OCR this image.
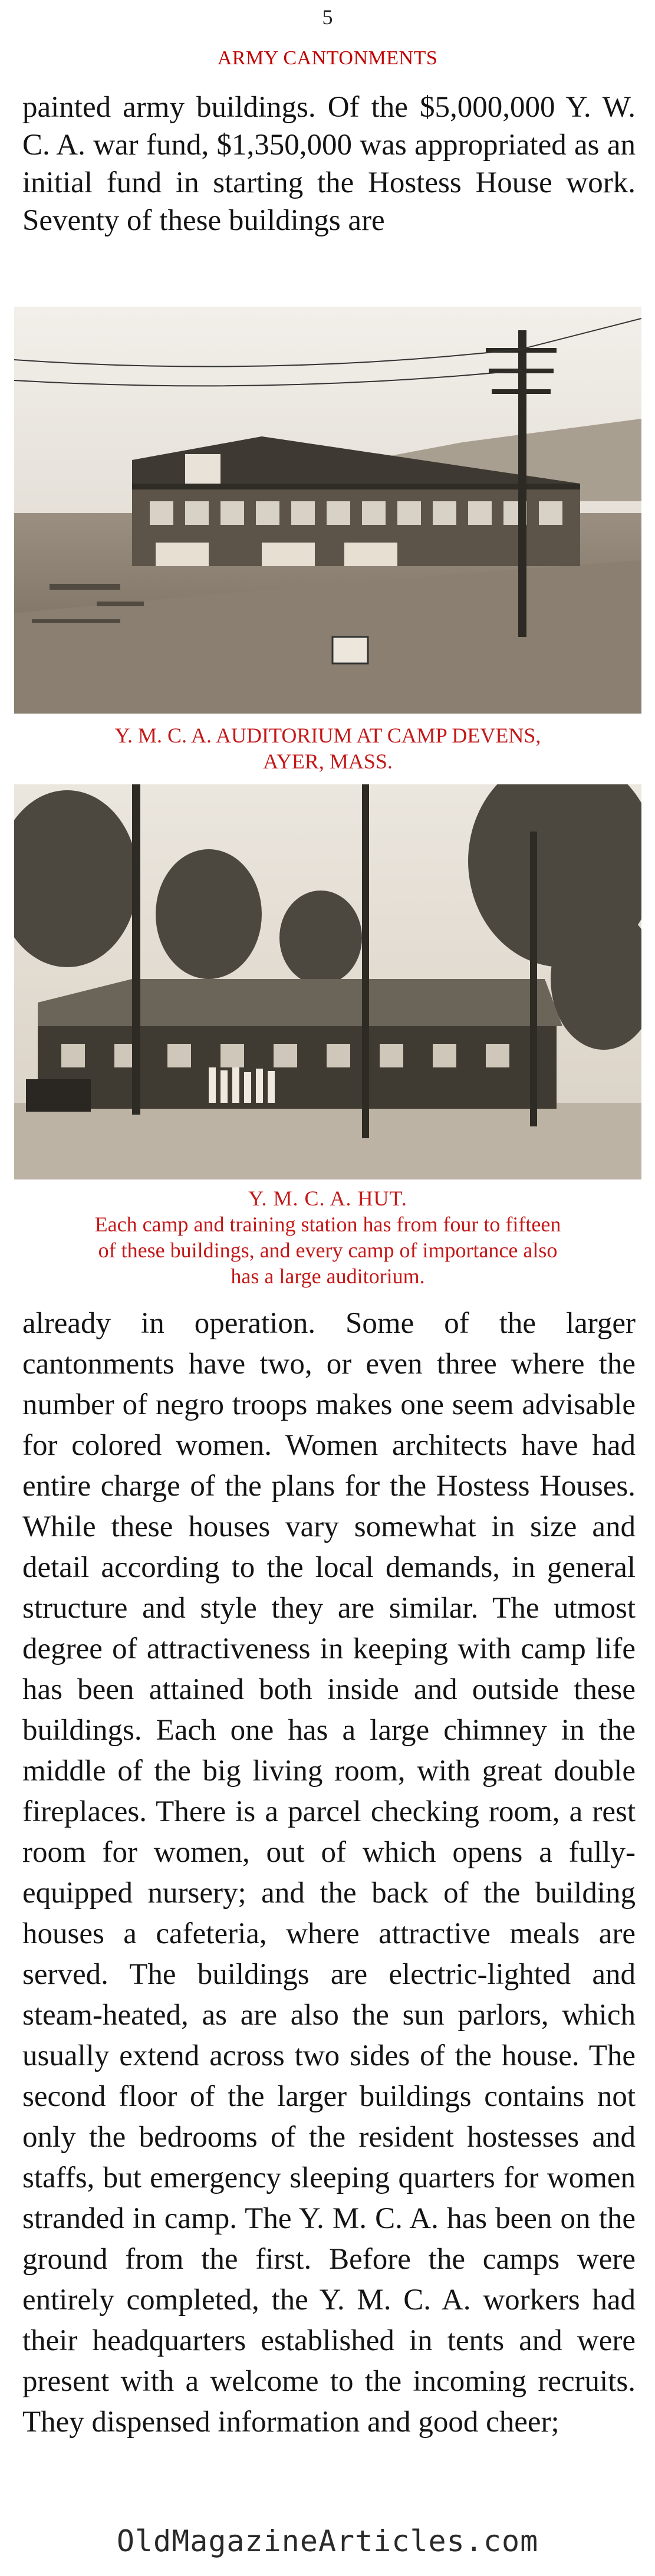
5
ARMY CANTONMENTS
painted army buildings. Of the $5,000,000 Y. W. C. A. war fund, $1,350,000 was appropriated as an initial fund in starting the Hostess House work. Seventy of these buildings are
Y. M. C. A. AUDITORIUM AT CAMP DEVENS,
AYER, MASS.
Y. M. C. A. HUT.
Each camp and training station has from four to fifteen
of these buildings, and every camp of importance also
has a large auditorium.
already in operation. Some of the larger cantonments have two, or even three where the number of negro troops makes one seem advisable for colored women. Women architects have had entire charge of the plans for the Hostess Houses. While these houses vary somewhat in size and detail according to the local demands, in general structure and style they are similar. The utmost degree of attractiveness in keeping with camp life has been attained both inside and outside these buildings. Each one has a large chimney in the middle of the big living room, with great double fireplaces. There is a parcel checking room, a rest room for women, out of which opens a fully-equipped nursery; and the back of the building houses a cafeteria, where attractive meals are served. The buildings are electric-lighted and steam-heated, as are also the sun parlors, which usually extend across two sides of the house. The second floor of the larger buildings contains not only the bedrooms of the resident hostesses and staffs, but emergency sleeping quarters for women stranded in camp. The Y. M. C. A. has been on the ground from the first. Before the camps were entirely completed, the Y. M. C. A. workers had their headquarters established in tents and were present with a welcome to the incoming recruits. They dispensed information and good cheer;
OldMagazineArticles.com
